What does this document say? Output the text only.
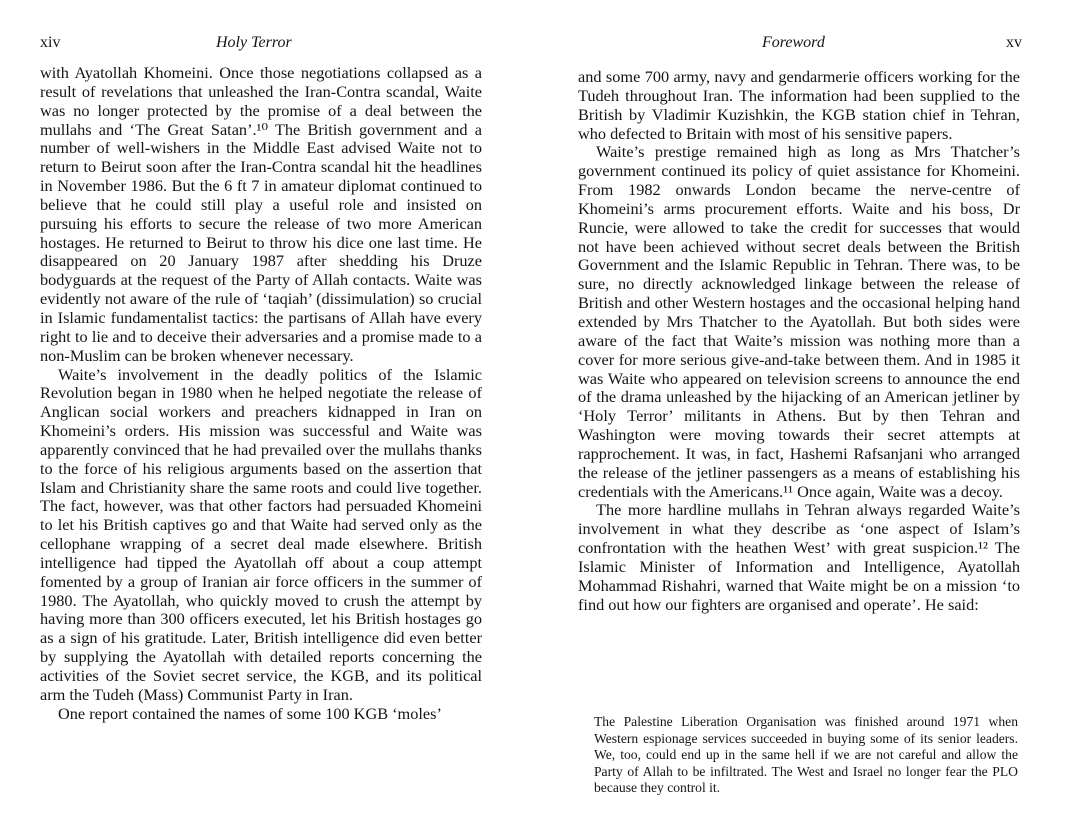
xiv	Holy Terror

with Ayatollah Khomeini. Once those negotiations collapsed as a result of revelations that unleashed the Iran-Contra scandal, Waite was no longer protected by the promise of a deal between the mullahs and ‘The Great Satan’.¹⁰ The British government and a number of well-wishers in the Middle East advised Waite not to return to Beirut soon after the Iran-Contra scandal hit the headlines in November 1986. But the 6 ft 7 in amateur diplomat continued to believe that he could still play a useful role and insisted on pursuing his efforts to secure the release of two more American hostages. He returned to Beirut to throw his dice one last time. He disappeared on 20 January 1987 after shedding his Druze bodyguards at the request of the Party of Allah contacts. Waite was evidently not aware of the rule of ‘taqiah’ (dissimulation) so crucial in Islamic fundamentalist tactics: the partisans of Allah have every right to lie and to deceive their adversaries and a promise made to a non-Muslim can be broken whenever necessary.

Waite’s involvement in the deadly politics of the Islamic Revolution began in 1980 when he helped negotiate the release of Anglican social workers and preachers kidnapped in Iran on Khomeini’s orders. His mission was successful and Waite was apparently convinced that he had prevailed over the mullahs thanks to the force of his religious arguments based on the assertion that Islam and Christianity share the same roots and could live together. The fact, however, was that other factors had persuaded Khomeini to let his British captives go and that Waite had served only as the cellophane wrapping of a secret deal made elsewhere. British intelligence had tipped the Ayatollah off about a coup attempt fomented by a group of Iranian air force officers in the summer of 1980. The Ayatollah, who quickly moved to crush the attempt by having more than 300 officers executed, let his British hostages go as a sign of his gratitude. Later, British intelligence did even better by supplying the Ayatollah with detailed reports concerning the activities of the Soviet secret service, the KGB, and its political arm the Tudeh (Mass) Communist Party in Iran.

One report contained the names of some 100 KGB ‘moles’

Foreword	xv

and some 700 army, navy and gendarmerie officers working for the Tudeh throughout Iran. The information had been supplied to the British by Vladimir Kuzishkin, the KGB station chief in Tehran, who defected to Britain with most of his sensitive papers.

Waite’s prestige remained high as long as Mrs Thatcher’s government continued its policy of quiet assistance for Khomeini. From 1982 onwards London became the nerve-centre of Khomeini’s arms procurement efforts. Waite and his boss, Dr Runcie, were allowed to take the credit for successes that would not have been achieved without secret deals between the British Government and the Islamic Republic in Tehran. There was, to be sure, no directly acknowledged linkage between the release of British and other Western hostages and the occasional helping hand extended by Mrs Thatcher to the Ayatollah. But both sides were aware of the fact that Waite’s mission was nothing more than a cover for more serious give-and-take between them. And in 1985 it was Waite who appeared on television screens to announce the end of the drama unleashed by the hijacking of an American jetliner by ‘Holy Terror’ militants in Athens. But by then Tehran and Washington were moving towards their secret attempts at rapprochement. It was, in fact, Hashemi Rafsanjani who arranged the release of the jetliner passengers as a means of establishing his credentials with the Americans.¹¹ Once again, Waite was a decoy.

The more hardline mullahs in Tehran always regarded Waite’s involvement in what they describe as ‘one aspect of Islam’s confrontation with the heathen West’ with great suspicion.¹² The Islamic Minister of Information and Intelligence, Ayatollah Mohammad Rishahri, warned that Waite might be on a mission ‘to find out how our fighters are organised and operate’. He said:

The Palestine Liberation Organisation was finished around 1971 when Western espionage services succeeded in buying some of its senior leaders. We, too, could end up in the same hell if we are not careful and allow the Party of Allah to be infiltrated. The West and Israel no longer fear the PLO because they control it.
